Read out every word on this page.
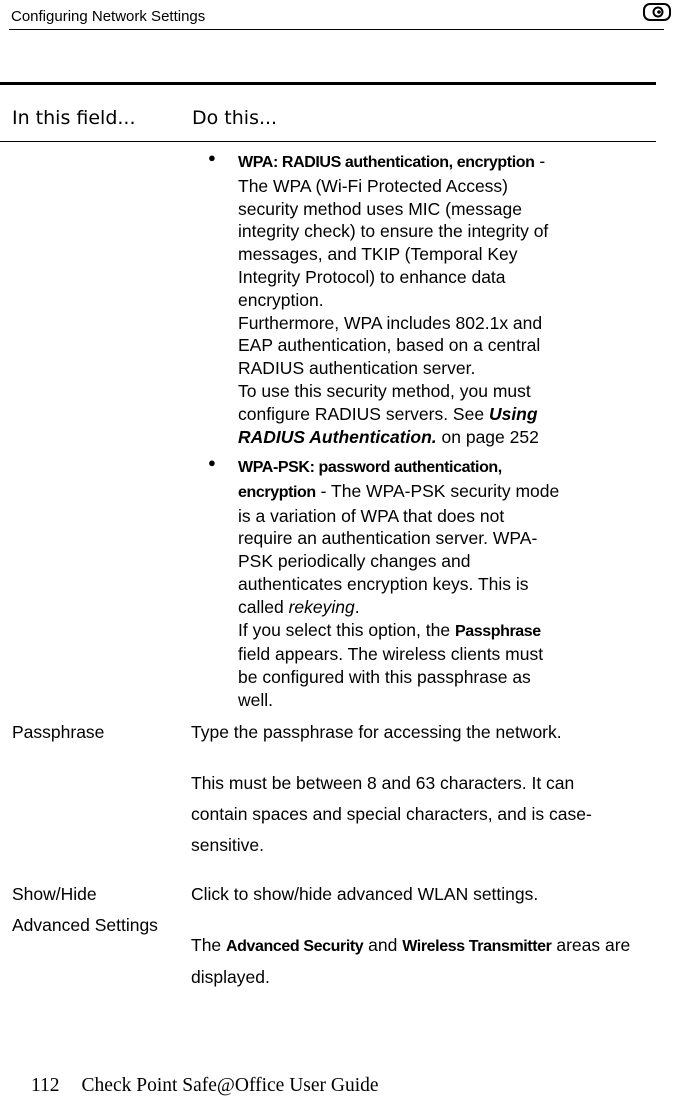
Configuring Network Settings
In this field...	Do this...
● WPA: RADIUS authentication, encryption -
The WPA (Wi-Fi Protected Access)
security method uses MIC (message
integrity check) to ensure the integrity of
messages, and TKIP (Temporal Key
Integrity Protocol) to enhance data
encryption.
Furthermore, WPA includes 802.1x and
EAP authentication, based on a central
RADIUS authentication server.
To use this security method, you must
configure RADIUS servers. See Using
RADIUS Authentication. on page 252
● WPA-PSK: password authentication,
encryption - The WPA-PSK security mode
is a variation of WPA that does not
require an authentication server. WPA-
PSK periodically changes and
authenticates encryption keys. This is
called rekeying.
If you select this option, the Passphrase
field appears. The wireless clients must
be configured with this passphrase as
well.
Passphrase	Type the passphrase for accessing the network.
This must be between 8 and 63 characters. It can
contain spaces and special characters, and is case-
sensitive.
Show/Hide
Advanced Settings
Click to show/hide advanced WLAN settings.
The Advanced Security and Wireless Transmitter areas are
displayed.
112 Check Point Safe@Office User Guide
